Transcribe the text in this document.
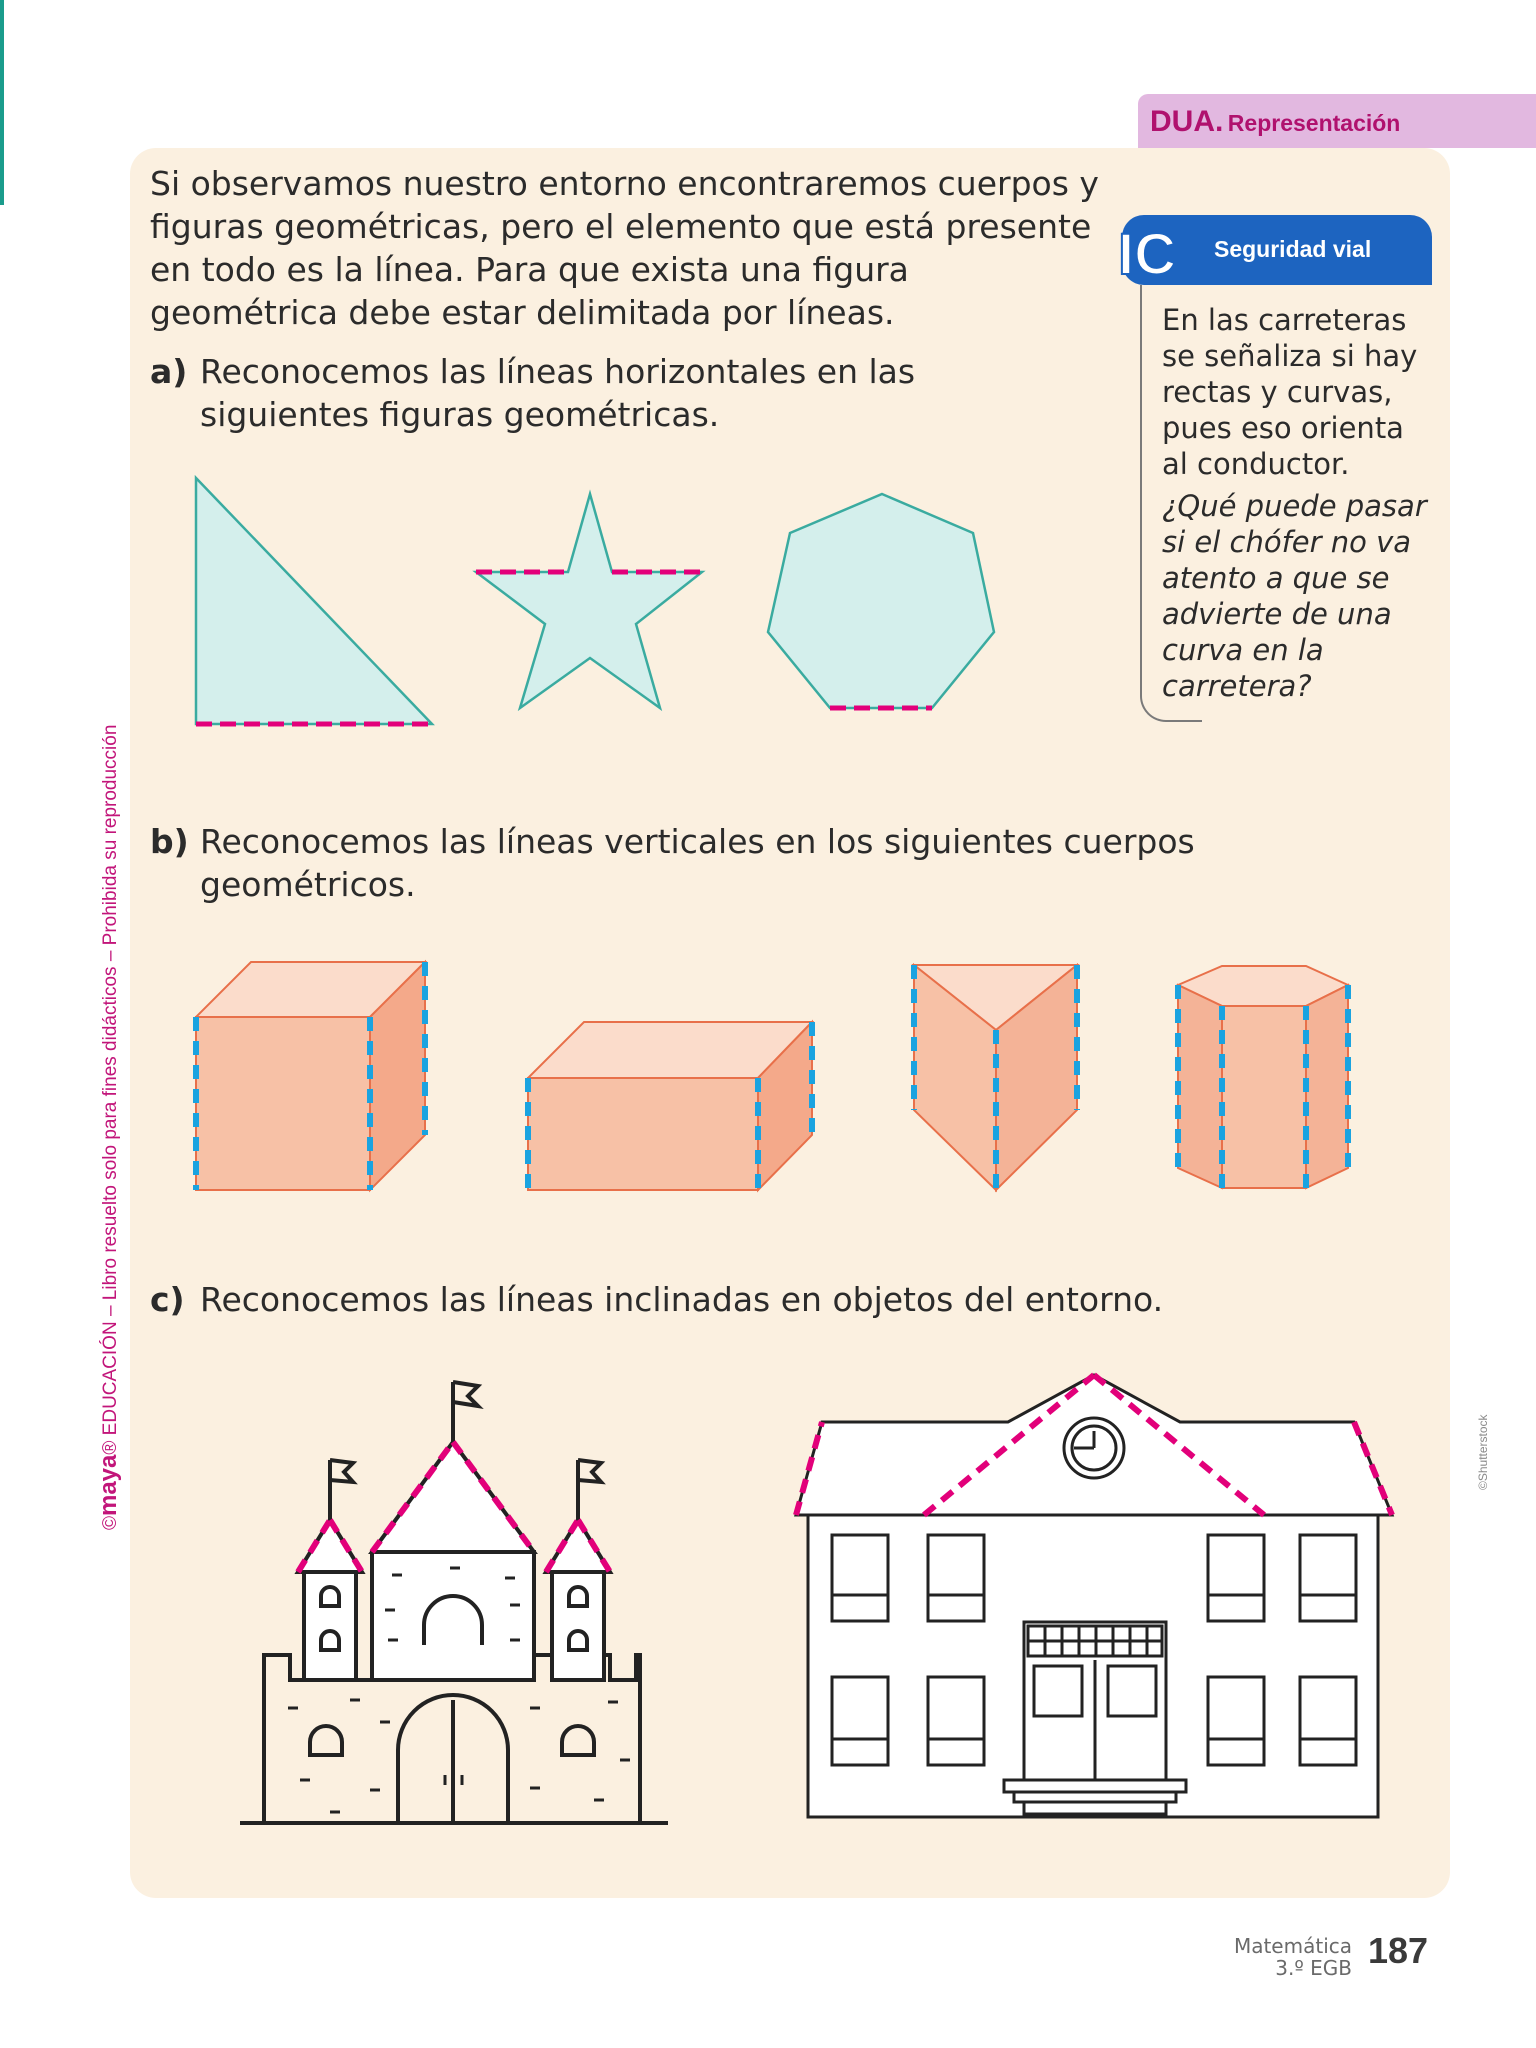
DUA. Representación

Si observamos nuestro entorno encontraremos cuerpos y figuras geométricas, pero el elemento que está presente en todo es la línea. Para que exista una figura geométrica debe estar delimitada por líneas.

a) Reconocemos las líneas horizontales en las siguientes figuras geométricas.

b) Reconocemos las líneas verticales en los siguientes cuerpos geométricos.

c) Reconocemos las líneas inclinadas en objetos del entorno.

IC	Seguridad vial
En las carreteras se señaliza si hay rectas y curvas, pues eso orienta al conductor.
¿Qué puede pasar si el chófer no va atento a que se advierte de una curva en la carretera?
©maya® EDUCACIÓN – Libro resuelto solo para fines didácticos – Prohibida su reproducción	©Shutterstock
Matemática
3.º EGB 187
